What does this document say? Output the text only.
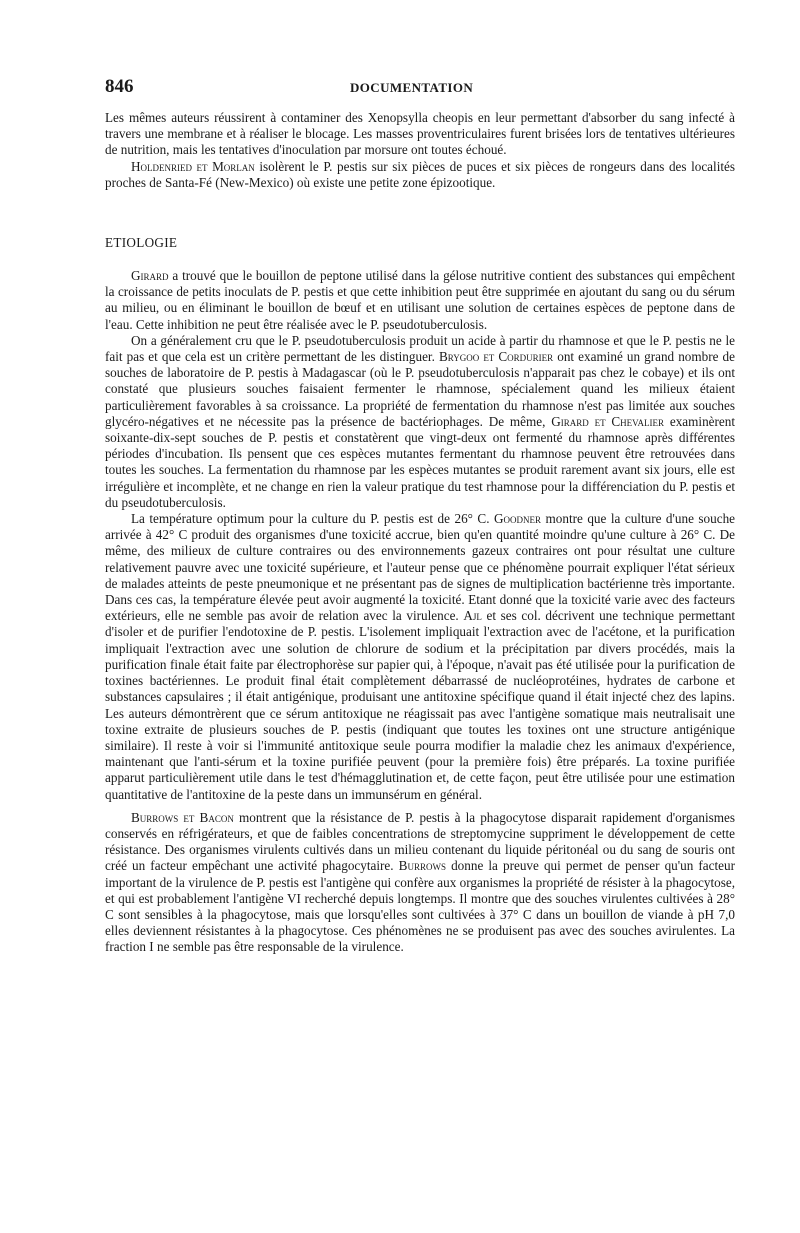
846	DOCUMENTATION

Les mêmes auteurs réussirent à contaminer des Xenopsylla cheopis en leur permettant d'absorber du sang infecté à travers une membrane et à réaliser le blocage. Les masses proventriculaires furent brisées lors de tentatives ultérieures de nutrition, mais les tentatives d'inoculation par morsure ont toutes échoué.

Holdenried et Morlan isolèrent le P. pestis sur six pièces de puces et six pièces de rongeurs dans des localités proches de Santa-Fé (New-Mexico) où existe une petite zone épizootique.

ETIOLOGIE

Girard a trouvé que le bouillon de peptone utilisé dans la gélose nutritive contient des substances qui empêchent la croissance de petits inoculats de P. pestis et que cette inhibition peut être supprimée en ajoutant du sang ou du sérum au milieu, ou en éliminant le bouillon de bœuf et en utilisant une solution de certaines espèces de peptone dans de l'eau. Cette inhibition ne peut être réalisée avec le P. pseudotuberculosis.

On a généralement cru que le P. pseudotuberculosis produit un acide à partir du rhamnose et que le P. pestis ne le fait pas et que cela est un critère permettant de les distinguer. Brygoo et Cordurier ont examiné un grand nombre de souches de laboratoire de P. pestis à Madagascar (où le P. pseudotuberculosis n'apparait pas chez le cobaye) et ils ont constaté que plusieurs souches faisaient fermenter le rhamnose, spécialement quand les milieux étaient particulièrement favorables à sa croissance. La propriété de fermentation du rhamnose n'est pas limitée aux souches glycéro-négatives et ne nécessite pas la présence de bactériophages. De même, Girard et Chevalier examinèrent soixante-dix-sept souches de P. pestis et constatèrent que vingt-deux ont fermenté du rhamnose après différentes périodes d'incubation. Ils pensent que ces espèces mutantes fermentant du rhamnose peuvent être retrouvées dans toutes les souches. La fermentation du rhamnose par les espèces mutantes se produit rarement avant six jours, elle est irrégulière et incomplète, et ne change en rien la valeur pratique du test rhamnose pour la différenciation du P. pestis et du pseudotuberculosis.

La température optimum pour la culture du P. pestis est de 26° C. Goodner montre que la culture d'une souche arrivée à 42° C produit des organismes d'une toxicité accrue, bien qu'en quantité moindre qu'une culture à 26° C. De même, des milieux de culture contraires ou des environnements gazeux contraires ont pour résultat une culture relativement pauvre avec une toxicité supérieure, et l'auteur pense que ce phénomène pourrait expliquer l'état sérieux de malades atteints de peste pneumonique et ne présentant pas de signes de multiplication bactérienne très importante. Dans ces cas, la température élevée peut avoir augmenté la toxicité. Etant donné que la toxicité varie avec des facteurs extérieurs, elle ne semble pas avoir de relation avec la virulence. Ajl et ses col. décrivent une technique permettant d'isoler et de purifier l'endotoxine de P. pestis. L'isolement impliquait l'extraction avec de l'acétone, et la purification impliquait l'extraction avec une solution de chlorure de sodium et la précipitation par divers procédés, mais la purification finale était faite par électrophorèse sur papier qui, à l'époque, n'avait pas été utilisée pour la purification de toxines bactériennes. Le produit final était complètement débarrassé de nucléoprotéines, hydrates de carbone et substances capsulaires ; il était antigénique, produisant une antitoxine spécifique quand il était injecté chez des lapins. Les auteurs démontrèrent que ce sérum antitoxique ne réagissait pas avec l'antigène somatique mais neutralisait une toxine extraite de plusieurs souches de P. pestis (indiquant que toutes les toxines ont une structure antigénique similaire). Il reste à voir si l'immunité antitoxique seule pourra modifier la maladie chez les animaux d'expérience, maintenant que l'anti-sérum et la toxine purifiée peuvent (pour la première fois) être préparés. La toxine purifiée apparut particulièrement utile dans le test d'hémagglutination et, de cette façon, peut être utilisée pour une estimation quantitative de l'antitoxine de la peste dans un immunsérum en général.

Burrows et Bacon montrent que la résistance de P. pestis à la phagocytose disparait rapidement d'organismes conservés en réfrigérateurs, et que de faibles concentrations de streptomycine suppriment le développement de cette résistance. Des organismes virulents cultivés dans un milieu contenant du liquide péritonéal ou du sang de souris ont créé un facteur empêchant une activité phagocytaire. Burrows donne la preuve qui permet de penser qu'un facteur important de la virulence de P. pestis est l'antigène qui confère aux organismes la propriété de résister à la phagocytose, et qui est probablement l'antigène VI recherché depuis longtemps. Il montre que des souches virulentes cultivées à 28° C sont sensibles à la phagocytose, mais que lorsqu'elles sont cultivées à 37° C dans un bouillon de viande à pH 7,0 elles deviennent résistantes à la phagocytose. Ces phénomènes ne se produisent pas avec des souches avirulentes. La fraction I ne semble pas être responsable de la virulence.
